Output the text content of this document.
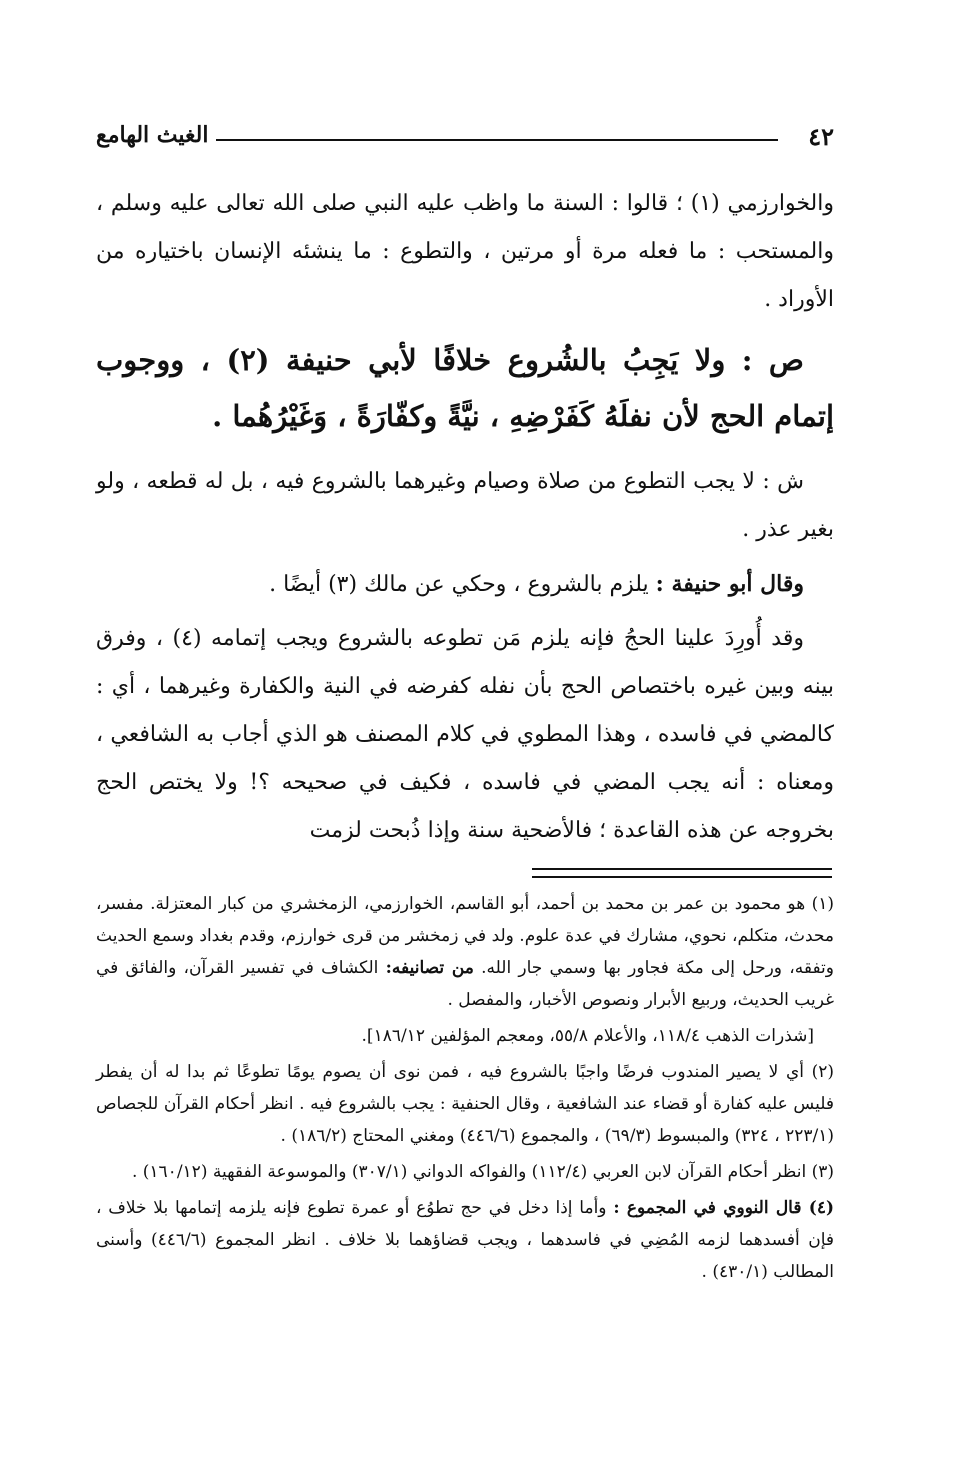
٤٢
الغيث الهامع

والخوارزمي (١) ؛ قالوا : السنة ما واظب عليه النبي صلى الله تعالى عليه وسلم ، والمستحب : ما فعله مرة أو مرتين ، والتطوع : ما ينشئه الإنسان باختياره من الأوراد .

ص : ولا يَجِبُ بالشُروع خلافًا لأبي حنيفة (٢) ، ووجوب إتمام الحج لأن نفلَهُ كَفَرْضِهِ ، نيَّةً وكفّارَةً ، وَغَيْرُهُما .

ش : لا يجب التطوع من صلاة وصيام وغيرهما بالشروع فيه ، بل له قطعه ، ولو بغير عذر .

وقال أبو حنيفة : يلزم بالشروع ، وحكي عن مالك (٣) أيضًا .

وقد أُورِدَ علينا الحجُ فإنه يلزم مَن تطوعه بالشروع ويجب إتمامه (٤) ، وفرق بينه وبين غيره باختصاص الحج بأن نفله كفرضه في النية والكفارة وغيرهما ، أي : كالمضي في فاسده ، وهذا المطوي في كلام المصنف هو الذي أجاب به الشافعي ، ومعناه : أنه يجب المضي في فاسده ، فكيف في صحيحه ؟! ولا يختص الحج بخروجه عن هذه القاعدة ؛ فالأضحية سنة وإذا ذُبحت لزمت

(١) هو محمود بن عمر بن محمد بن أحمد، أبو القاسم، الخوارزمي، الزمخشري من كبار المعتزلة. مفسر، محدث، متكلم، نحوي، مشارك في عدة علوم. ولد في زمخشر من قرى خوارزم، وقدم بغداد وسمع الحديث وتفقه، ورحل إلى مكة فجاور بها وسمي جار الله. من تصانيفه: الكشاف في تفسير القرآن، والفائق في غريب الحديث، وربيع الأبرار ونصوص الأخبار، والمفصل .

[شذرات الذهب ١١٨/٤، والأعلام ٥٥/٨، ومعجم المؤلفين ١٨٦/١٢].

(٢) أي لا يصير المندوب فرضًا واجبًا بالشروع فيه ، فمن نوى أن يصوم يومًا تطوعًا ثم بدا له أن يفطر فليس عليه كفارة أو قضاء عند الشافعية ، وقال الحنفية : يجب بالشروع فيه . انظر أحكام القرآن للجصاص (٢٢٣/١ ، ٣٢٤) والمبسوط (٦٩/٣) ، والمجموع (٤٤٦/٦) ومغني المحتاج (١٨٦/٢) .

(٣) انظر أحكام القرآن لابن العربي (١١٢/٤) والفواكه الدواني (٣٠٧/١) والموسوعة الفقهية (١٦٠/١٢) .

(٤) قال النووي في المجموع : وأما إذا دخل في حج تطوُع أو عمرة تطوع فإنه يلزمه إتمامها بلا خلاف ، فإن أفسدهما لزمه المُضِي في فاسدهما ، ويجب قضاؤهما بلا خلاف . انظر المجموع (٤٤٦/٦) وأسنى المطالب (٤٣٠/١) .
